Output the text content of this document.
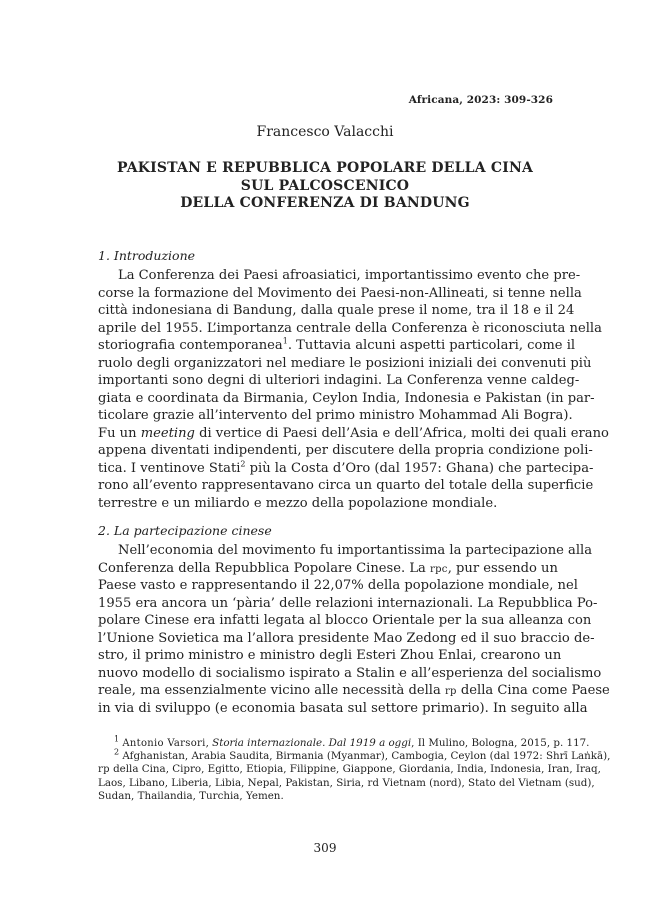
Africana, 2023: 309-326
Francesco Valacchi
PAKISTAN E REPUBBLICA POPOLARE DELLA CINA
SUL PALCOSCENICO
DELLA CONFERENZA DI BANDUNG
1. Introduzione
La Conferenza dei Paesi afroasiatici, importantissimo evento che pre-
corse la formazione del Movimento dei Paesi-non-Allineati, si tenne nella
città indonesiana di Bandung, dalla quale prese il nome, tra il 18 e il 24
aprile del 1955. L’importanza centrale della Conferenza è riconosciuta nella
storiografia contemporanea$^1$. Tuttavia alcuni aspetti particolari, come il
ruolo degli organizzatori nel mediare le posizioni iniziali dei convenuti più
importanti sono degni di ulteriori indagini. La Conferenza venne caldeg-
giata e coordinata da Birmania, Ceylon India, Indonesia e Pakistan (in par-
ticolare grazie all’intervento del primo ministro Mohammad Ali Bogra).
Fu un meeting di vertice di Paesi dell’Asia e dell’Africa, molti dei quali erano
appena diventati indipendenti, per discutere della propria condizione poli-
tica. I ventinove Stati$^2$ più la Costa d’Oro (dal 1957: Ghana) che partecipa-
rono all’evento rappresentavano circa un quarto del totale della superficie
terrestre e un miliardo e mezzo della popolazione mondiale.
2. La partecipazione cinese
Nell’economia del movimento fu importantissima la partecipazione alla
Conferenza della Repubblica Popolare Cinese. La rpc, pur essendo un
Paese vasto e rappresentando il 22,07% della popolazione mondiale, nel
1955 era ancora un ‘pària’ delle relazioni internazionali. La Repubblica Po-
polare Cinese era infatti legata al blocco Orientale per la sua alleanza con
l’Unione Sovietica ma l’allora presidente Mao Zedong ed il suo braccio de-
stro, il primo ministro e ministro degli Esteri Zhou Enlai, crearono un
nuovo modello di socialismo ispirato a Stalin e all’esperienza del socialismo
reale, ma essenzialmente vicino alle necessità della rp della Cina come Paese
in via di sviluppo (e economia basata sul settore primario). In seguito alla
$^1$ Antonio Varsori, Storia internazionale. Dal 1919 a oggi, Il Mulino, Bologna, 2015, p. 117.
$^2$ Afghanistan, Arabia Saudita, Birmania (Myanmar), Cambogia, Ceylon (dal 1972: Shrī Laṅkā),
rp della Cina, Cipro, Egitto, Etiopia, Filippine, Giappone, Giordania, India, Indonesia, Iran, Iraq,
Laos, Libano, Liberia, Libia, Nepal, Pakistan, Siria, rd Vietnam (nord), Stato del Vietnam (sud),
Sudan, Thailandia, Turchia, Yemen.
309
